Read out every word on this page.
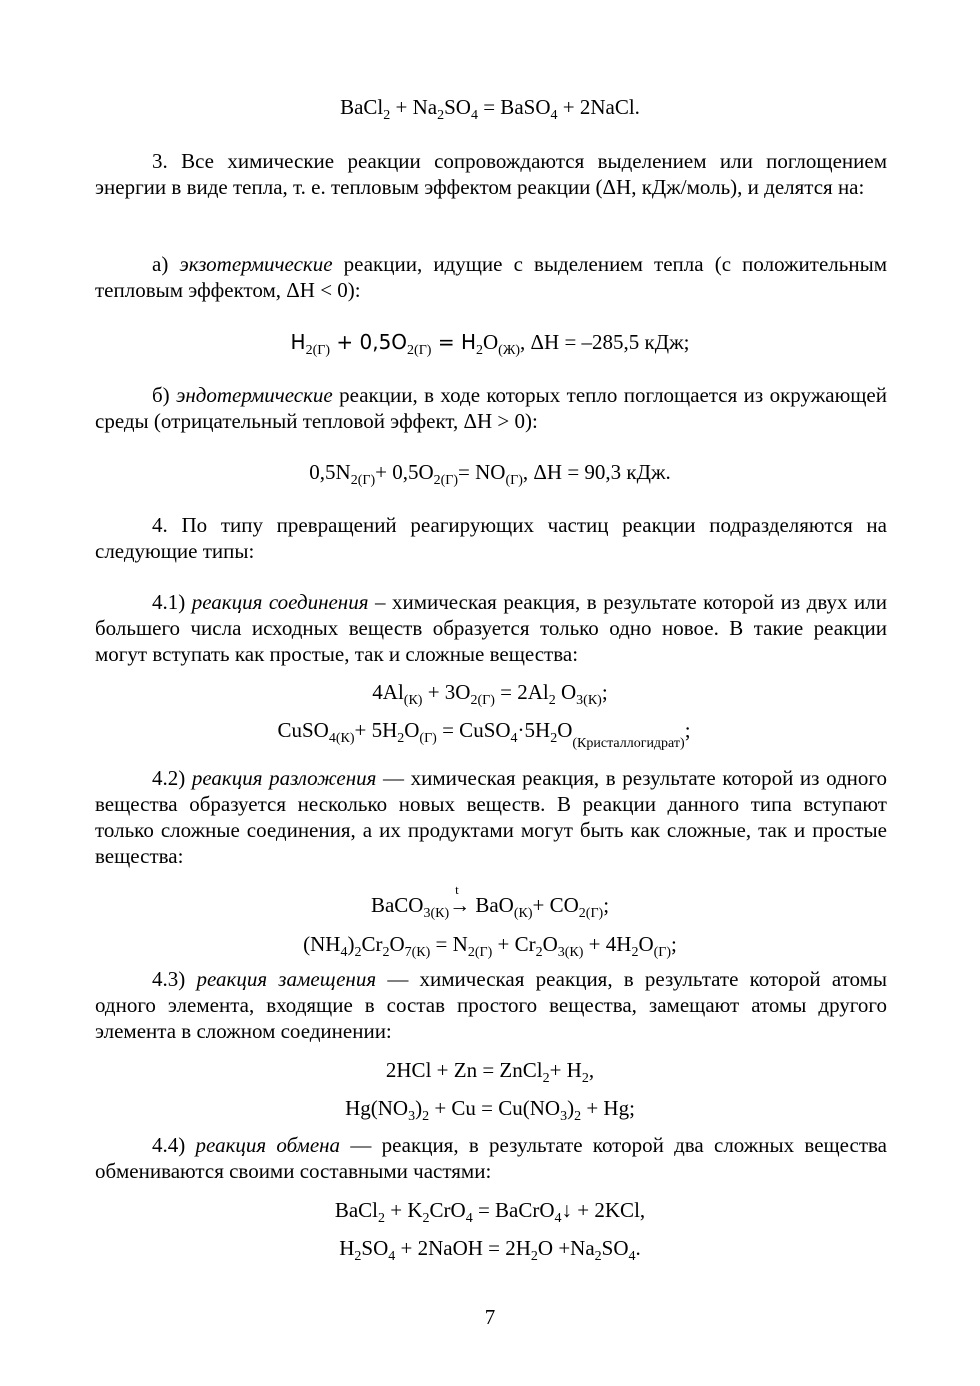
BaCl$_2$ + $Na_2SO_4$ = BaSO$_4$ + 2NaCl.

3. Все химические реакции сопровождаются выделением или поглощением энергии в виде тепла, т. е. тепловым эффектом реакции (ΔН, кДж/моль), и делятся на:

а) экзотермические реакции, идущие с выделением тепла (с положительным тепловым эффектом, ΔН < 0):

$H_{2(Г)} + 0,5O_{2(Г)} = H_2O_{(Ж)}$, ΔН = –285,5 кДж;

б) эндотермические реакции, в ходе которых тепло поглощается из окружающей среды (отрицательный тепловой эффект, ΔН > 0):

$0,5N_{2(Г)}+ 0,5O_{2(Г)}= NO_{(Г)}$, ΔН = 90,3 кДж.

4. По типу превращений реагирующих частиц реакции подразделяются на следующие типы:

4.1) реакция соединения – химическая реакция, в результате которой из двух или большего числа исходных веществ образуется только одно новое. В такие реакции могут вступать как простые, так и сложные вещества:

$4Al_{(К)} + 3O_{2(Г)} = 2Al_2$ $O_{3(К)}$;
CuSO$_{4(К)}$+ $5H_2O_{(Г)}$ = $CuSO_4\cdot 5H_2O_{(Кристаллогидрат)}$;

4.2) реакция разложения — химическая реакция, в результате которой из одного вещества образуется несколько новых веществ. В реакции данного типа вступают только сложные соединения, а их продуктами могут быть как сложные, так и простые вещества:

BaCO$_{3(К)}$
t
→ $BaO_{(К)}+ CO_{2(Г)}$;
$(NH_4)_2Cr_2O_{7(К)} = N_{2(Г)} + Cr_2O_{3(К)} + 4H_2O_{(Г)}$;

4.3) реакция замещения — химическая реакция, в результате которой атомы одного элемента, входящие в состав простого вещества, замещают атомы другого элемента в сложном соединении:

2HCl + Zn = ZnCl$_2$+ $H_2$,
$Hg(NO_3)_2 + Cu = Cu(NO_3)_2 + Hg$;

4.4) реакция обмена — реакция, в результате которой два сложных вещества обмениваются своими составными частями:

BaCl$_2$ + $K_2CrO_4$ = BaCrO$_4$↓ + 2KCl,
$H_2SO_4$ + 2NaOH = $2H_2O +Na_2SO_4$.
7
